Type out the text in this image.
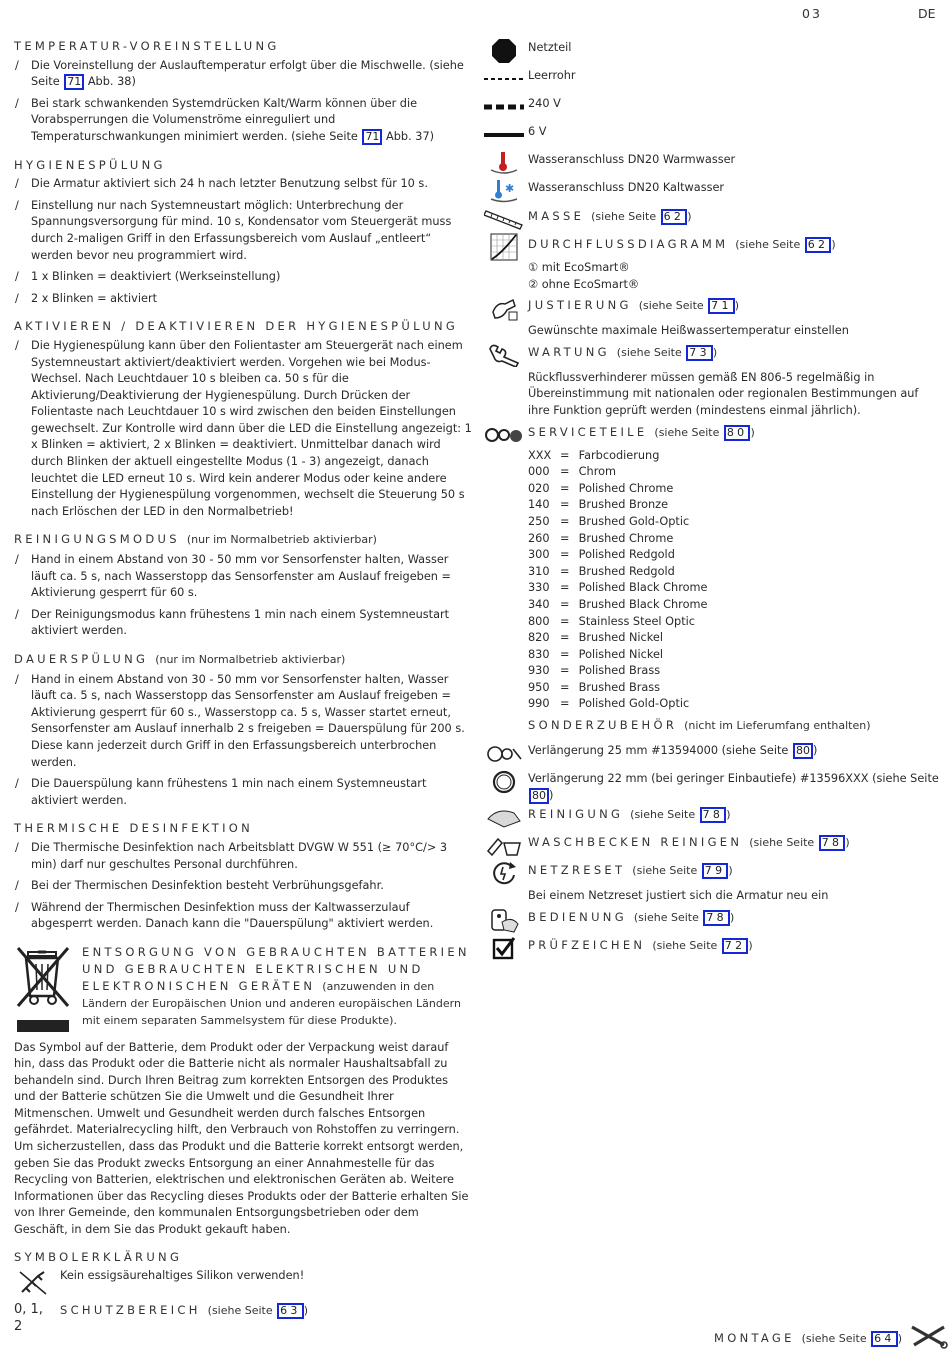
03	DE
TEMPERATUR-VOREINSTELLUNG
/ Die Voreinstellung der Auslauftemperatur erfolgt über die Mischwelle. (siehe Seite 71 Abb. 38)
/ Bei stark schwankenden Systemdrücken Kalt/Warm können über die Vorabsperrungen die Volumenströme einreguliert und Temperaturschwankungen minimiert werden. (siehe Seite 71 Abb. 37)
HYGIENESPÜLUNG
/ Die Armatur aktiviert sich 24 h nach letzter Benutzung selbst für 10 s.
/ Einstellung nur nach Systemneustart möglich: Unterbrechung der Spannungsversorgung für mind. 10 s, Kondensator vom Steuergerät muss durch 2-maligen Griff in den Erfassungsbereich vom Auslauf „entleert“ werden bevor neu programmiert wird.
/ 1 x Blinken = deaktiviert (Werkseinstellung)
/ 2 x Blinken = aktiviert
AKTIVIEREN / DEAKTIVIEREN DER HYGIENESPÜLUNG
/ Die Hygienespülung kann über den Folientaster am Steuergerät nach einem Systemneustart aktiviert/deaktiviert werden. Vorgehen wie bei Modus-Wechsel. Nach Leuchtdauer 10 s bleiben ca. 50 s für die Aktivierung/Deaktivierung der Hygienespülung. Durch Drücken der Folientaste nach Leuchtdauer 10 s wird zwischen den beiden Einstellungen gewechselt. Zur Kontrolle wird dann über die LED die Einstellung angezeigt: 1 x Blinken = aktiviert, 2 x Blinken = deaktiviert. Unmittelbar danach wird durch Blinken der aktuell eingestellte Modus (1 - 3) angezeigt, danach leuchtet die LED erneut 10 s. Wird kein anderer Modus oder keine andere Einstellung der Hygienespülung vorgenommen, wechselt die Steuerung 50 s nach Erlöschen der LED in den Normalbetrieb!
REINIGUNGSMODUS (nur im Normalbetrieb aktivierbar)
/ Hand in einem Abstand von 30 - 50 mm vor Sensorfenster halten, Wasser läuft ca. 5 s, nach Wasserstopp das Sensorfenster am Auslauf freigeben = Aktivierung gesperrt für 60 s.
/ Der Reinigungsmodus kann frühestens 1 min nach einem Systemneustart aktiviert werden.
DAUERSPÜLUNG (nur im Normalbetrieb aktivierbar)
/ Hand in einem Abstand von 30 - 50 mm vor Sensorfenster halten, Wasser läuft ca. 5 s, nach Wasserstopp das Sensorfenster am Auslauf freigeben = Aktivierung gesperrt für 60 s., Wasserstopp ca. 5 s, Wasser startet erneut, Sensorfenster am Auslauf innerhalb 2 s freigeben = Dauerspülung für 200 s. Diese kann jederzeit durch Griff in den Erfassungsbereich unterbrochen werden.
/ Die Dauerspülung kann frühestens 1 min nach einem Systemneustart aktiviert werden.
THERMISCHE DESINFEKTION
/ Die Thermische Desinfektion nach Arbeitsblatt DVGW W 551 (≥ 70°C/> 3 min) darf nur geschultes Personal durchführen.
/ Bei der Thermischen Desinfektion besteht Verbrühungsgefahr.
/ Während der Thermischen Desinfektion muss der Kaltwasserzulauf abgesperrt werden. Danach kann die "Dauerspülung" aktiviert werden.
ENTSORGUNG VON GEBRAUCHTEN BATTERIEN UND GEBRAUCHTEN ELEKTRISCHEN UND ELEKTRONISCHEN GERÄTEN (anzuwenden in den Ländern der Europäischen Union und anderen europäischen Ländern mit einem separaten Sammelsystem für diese Produkte).
Das Symbol auf der Batterie, dem Produkt oder der Verpackung weist darauf hin, dass das Produkt oder die Batterie nicht als normaler Haushaltsabfall zu behandeln sind. Durch Ihren Beitrag zum korrekten Entsorgen des Produktes und der Batterie schützen Sie die Umwelt und die Gesundheit Ihrer Mitmenschen. Umwelt und Gesundheit werden durch falsches Entsorgen gefährdet. Materialrecycling hilft, den Verbrauch von Rohstoffen zu verringern. Um sicherzustellen, dass das Produkt und die Batterie korrekt entsorgt werden, geben Sie das Produkt zwecks Entsorgung an einer Annahmestelle für das Recycling von Batterien, elektrischen und elektronischen Geräten ab. Weitere Informationen über das Recycling dieses Produkts oder der Batterie erhalten Sie von Ihrer Gemeinde, den kommunalen Entsorgungsbetrieben oder dem Geschäft, in dem Sie das Produkt gekauft haben.
SYMBOLERKLÄRUNG
Kein essigsäurehaltiges Silikon verwenden!
0, 1, 2
SCHUTZBEREICH (siehe Seite 63 )
Netzteil
Leerrohr
240 V
6 V
Wasseranschluss DN20 Warmwasser
✱ Wasseranschluss DN20 Kaltwasser
MASSE (siehe Seite 62 )
DURCHFLUSSDIAGRAMM (siehe Seite 62 )
① mit EcoSmart®
② ohne EcoSmart®
JUSTIERUNG (siehe Seite 71 )
Gewünschte maximale Heißwassertemperatur einstellen
WARTUNG (siehe Seite 73 )
Rückflussverhinderer müssen gemäß EN 806-5 regelmäßig in Übereinstimmung mit nationalen oder regionalen Bestimmungen auf ihre Funktion geprüft werden (mindestens einmal jährlich).
SERVICETEILE (siehe Seite 80 )
XXX = Farbcodierung
000 = Chrom
020 = Polished Chrome
140 = Brushed Bronze
250 = Brushed Gold-Optic
260 = Brushed Chrome
300 = Polished Redgold
310 = Brushed Redgold
330 = Polished Black Chrome
340 = Brushed Black Chrome
800 = Stainless Steel Optic
820 = Brushed Nickel
830 = Polished Nickel
930 = Polished Brass
950 = Brushed Brass
990 = Polished Gold-Optic
SONDERZUBEHÖR (nicht im Lieferumfang enthalten)
Verlängerung 25 mm #13594000 (siehe Seite 80 )
Verlängerung 22 mm (bei geringer Einbautiefe) #13596XXX (siehe Seite 80 )
REINIGUNG (siehe Seite 78 )
WASCHBECKEN REINIGEN (siehe Seite 78 )
NETZRESET (siehe Seite 79 )
Bei einem Netzreset justiert sich die Armatur neu ein
BEDIENUNG (siehe Seite 78 )
PRÜFZEICHEN (siehe Seite 72 )
MONTAGE (siehe Seite 64 )
